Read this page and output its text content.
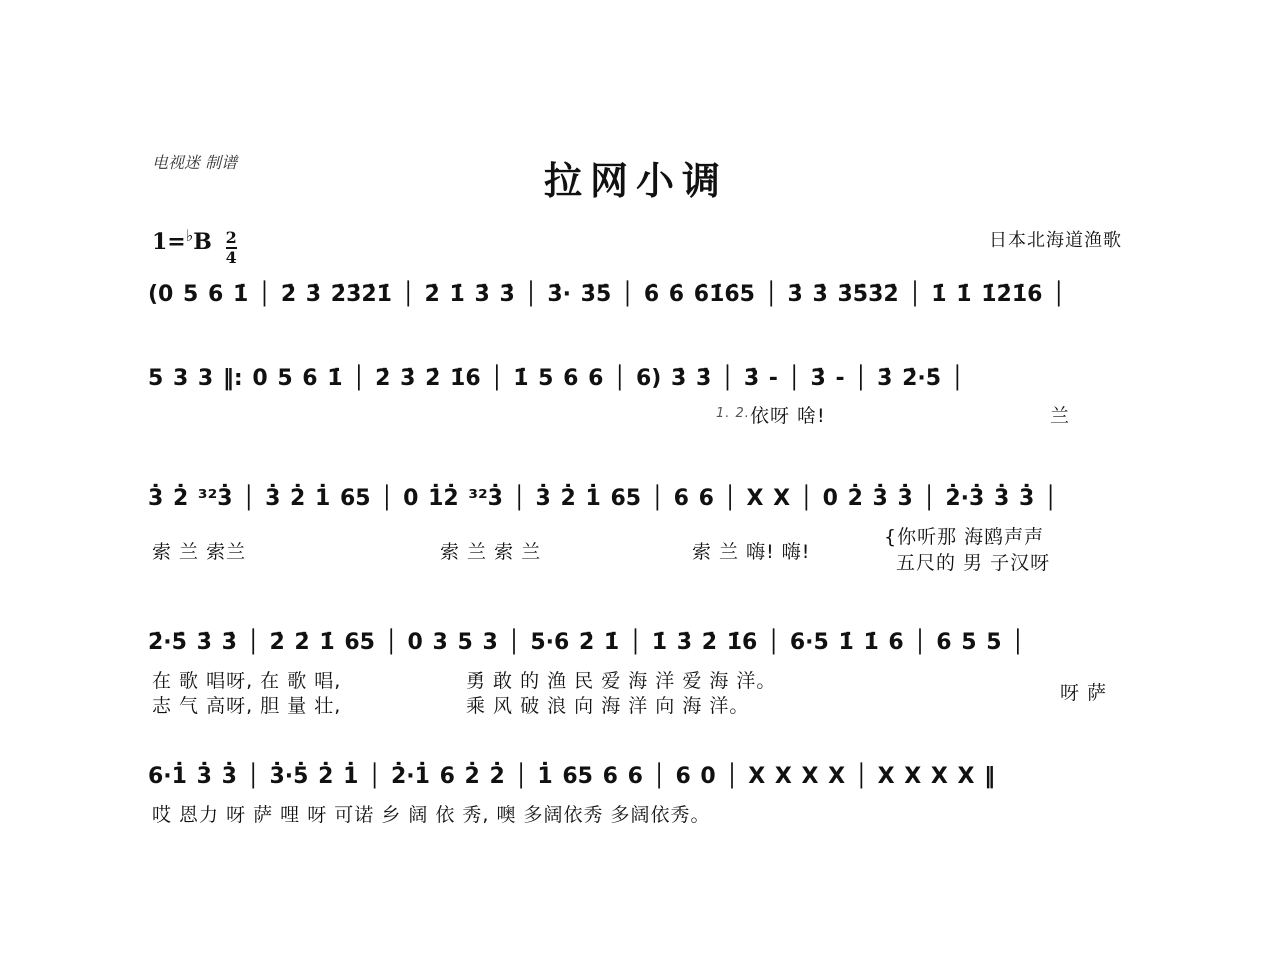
电视迷 制谱	拉网小调
日本北海道渔歌
$1=^♭B \frac{2}{4}$
(0 5 6 1̇ │ 2̇ 3̇ 2̇3̇2̇1̇ │ 2̇ 1̇ 3̇ 3̇ │ 3̇· 3̇5̇ │ 6̇ 6̇ 6̇1̇6̇5 │ 3̇ 3̇ 3̇5̇3̇2̇ │ 1̇ 1̇ 1̇2̇1̇6 │
5 3 3 ‖: 0 5 6 1̇ │ 2̇ 3̇ 2̇ 1̇6 │ 1̇ 5 6 6 │ 6) 3̇ 3̇ │ 3̇ - │ 3̇ - │ 3̇ 2̇·5̇ │
1. 2. 依呀 啥!	兰
3̇ 2̇ ³²3̇ │ 3̇ 2̇ 1̇ 65 │ 0 1̇2̇ ³²3̇ │ 3̇ 2̇ 1̇ 65 │ 6 6 │ X X │ 0 2̇ 3̇ 3̇ │ 2̇·3̇ 3̇ 3̇ │
索 兰 索兰	索 兰 索 兰	索 兰 嗨! 嗨!
{你听那 海鸥声声
五尺的 男 子汉呀
2̇·5̇ 3̇ 3̇ │ 2̇ 2̇ 1̇ 65 │ 0 3 5 3 │ 5·6 2̇ 1̇ │ 1̇ 3̇ 2̇ 1̇6 │ 6·5 1̇ 1̇ 6 │ 6 5 5 │
在 歌 唱呀, 在 歌 唱,	勇 敢 的 渔 民 爱 海 洋 爱 海 洋。
志 气 高呀, 胆 量 壮,	乘 风 破 浪 向 海 洋 向 海 洋。
呀 萨
6·1̇ 3̇ 3̇ │ 3̇·5̇ 2̇ 1̇ │ 2̇·1̇ 6 2̇ 2̇ │ 1̇ 65 6 6 │ 6 0 │ X X X X │ X X X X ‖
哎 恩力 呀 萨 哩 呀 可诺 乡 阔 依 秀, 噢 多阔依秀 多阔依秀。
